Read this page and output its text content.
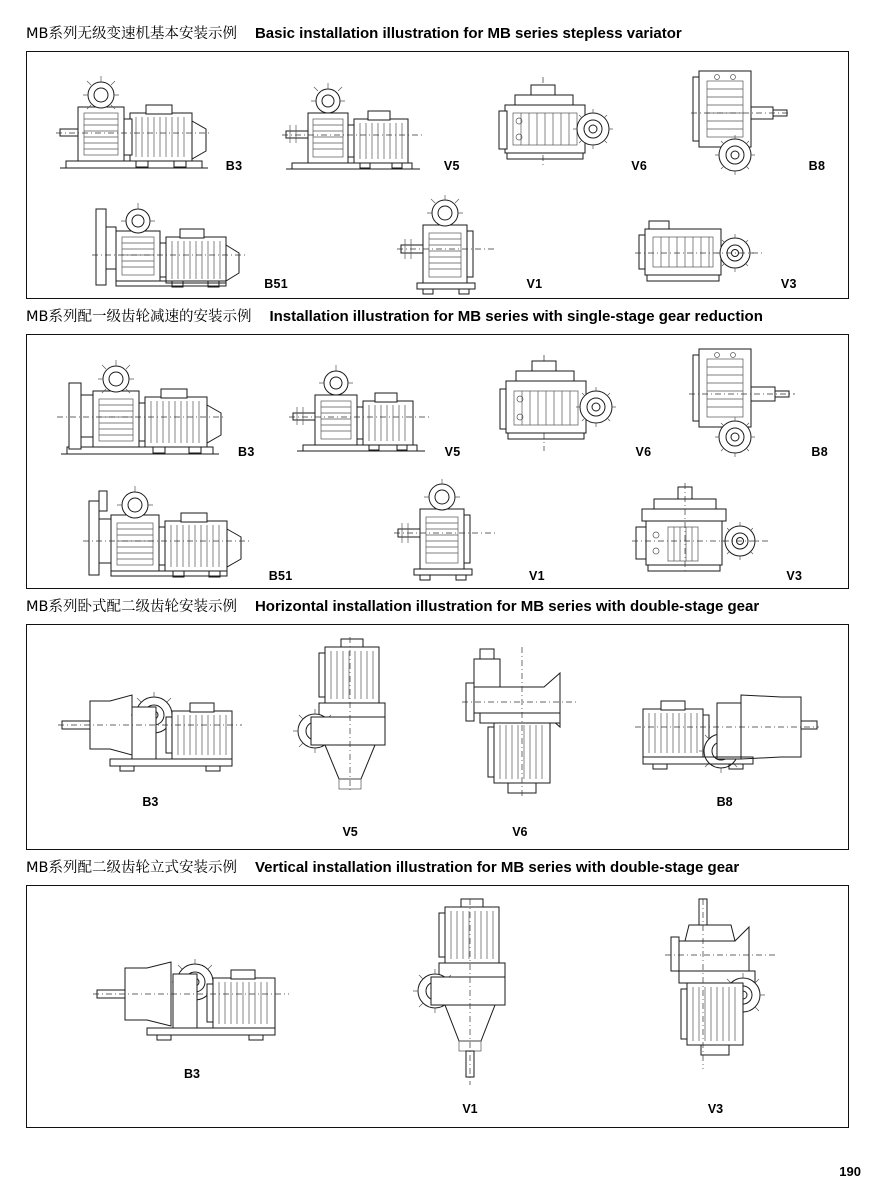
MB系列无级变速机基本安装示例 Basic installation illustration for MB series stepless variator
B3	V5	V6	B8
B51	V1	V3
MB系列配一级齿轮减速的安装示例 Installation illustration for MB series with single-stage gear reduction
B3	V5	V6	B8
B51	V1	V3
MB系列卧式配二级齿轮安装示例 Horizontal installation illustration for MB series with double-stage gear
B3
V5	V6
B8
MB系列配二级齿轮立式安装示例 Vertical installation illustration for MB series with double-stage gear
B3
V1	V3
190
